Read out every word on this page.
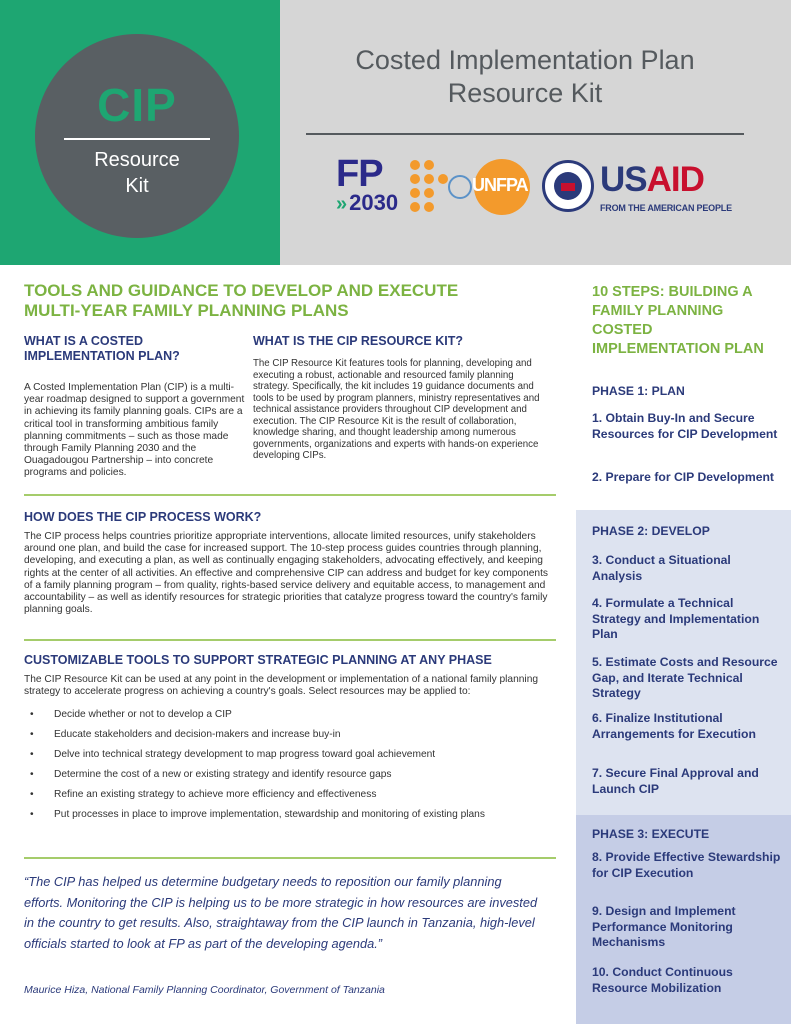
CIP
Resource
Kit
Costed Implementation Plan
Resource Kit
FP
»2030
UNFPA USAID
FROM THE AMERICAN PEOPLE
TOOLS AND GUIDANCE TO DEVELOP AND EXECUTE
MULTI-YEAR FAMILY PLANNING PLANS
WHAT IS A COSTED
IMPLEMENTATION PLAN?
A Costed Implementation Plan (CIP) is a multi-year roadmap designed to support a government in achieving its family planning goals. CIPs are a critical tool in transforming ambitious family planning commitments – such as those made through Family Planning 2030 and the Ouagadougou Partnership – into concrete programs and policies.
WHAT IS THE CIP RESOURCE KIT?
The CIP Resource Kit features tools for planning, developing and executing a robust, actionable and resourced family planning strategy. Specifically, the kit includes 19 guidance documents and tools to be used by program planners, ministry representatives and technical assistance providers throughout CIP development and execution. The CIP Resource Kit is the result of collaboration, knowledge sharing, and thought leadership among numerous governments, organizations and experts with hands-on experience developing CIPs.
HOW DOES THE CIP PROCESS WORK?
The CIP process helps countries prioritize appropriate interventions, allocate limited resources, unify stakeholders around one plan, and build the case for increased support. The 10-step process guides countries through planning, developing, and executing a plan, as well as continually engaging stakeholders, advocating effectively, and keeping rights at the center of all activities. An effective and comprehensive CIP can address and budget for key components of a family planning program – from quality, rights-based service delivery and equitable access, to management and accountability – as well as identify resources for strategic priorities that catalyze progress toward the country's family planning goals.
CUSTOMIZABLE TOOLS TO SUPPORT STRATEGIC PLANNING AT ANY PHASE
The CIP Resource Kit can be used at any point in the development or implementation of a national family planning strategy to accelerate progress on achieving a country's goals. Select resources may be applied to:
• Decide whether or not to develop a CIP
• Educate stakeholders and decision-makers and increase buy-in
• Delve into technical strategy development to map progress toward goal achievement
• Determine the cost of a new or existing strategy and identify resource gaps
• Refine an existing strategy to achieve more efficiency and effectiveness
• Put processes in place to improve implementation, stewardship and monitoring of existing plans
“The CIP has helped us determine budgetary needs to reposition our family planning efforts. Monitoring the CIP is helping us to be more strategic in how resources are invested in the country to get results. Also, straightaway from the CIP launch in Tanzania, high-level officials started to look at FP as part of the developing agenda.”
Maurice Hiza, National Family Planning Coordinator, Government of Tanzania
10 STEPS: BUILDING A FAMILY PLANNING COSTED IMPLEMENTATION PLAN
PHASE 1: PLAN
1. Obtain Buy-In and Secure Resources for CIP Development
2. Prepare for CIP Development
PHASE 2: DEVELOP
3. Conduct a Situational Analysis
4. Formulate a Technical Strategy and Implementation Plan
5. Estimate Costs and Resource Gap, and Iterate Technical Strategy
6. Finalize Institutional Arrangements for Execution
7. Secure Final Approval and Launch CIP
PHASE 3: EXECUTE
8. Provide Effective Stewardship for CIP Execution
9. Design and Implement Performance Monitoring Mechanisms
10. Conduct Continuous Resource Mobilization
